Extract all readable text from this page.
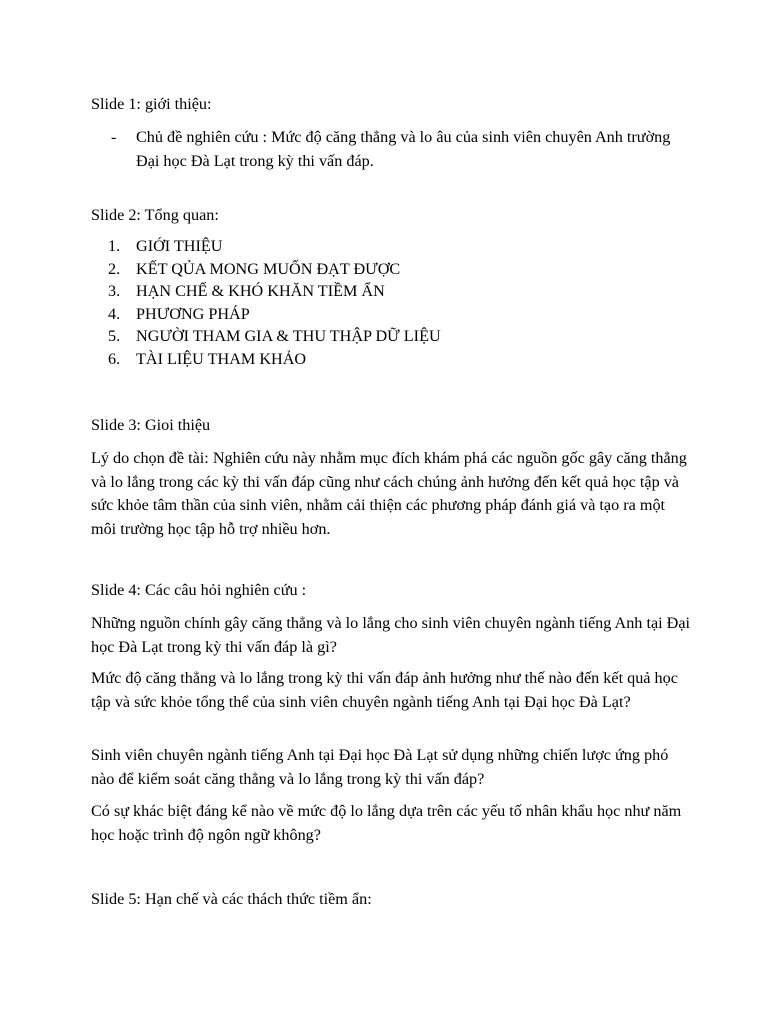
Slide 1: giới thiệu:
-	Chủ đề nghiên cứu : Mức độ căng thẳng và lo âu của sinh viên chuyên Anh trường Đại học Đà Lạt trong kỳ thi vấn đáp.
Slide 2: Tổng quan:
1. GIỚI THIỆU
2. KẾT QỦA MONG MUỐN ĐẠT ĐƯỢC
3. HẠN CHẾ & KHÓ KHĂN TIỀM ẨN
4. PHƯƠNG PHÁP
5. NGƯỜI THAM GIA & THU THẬP DỮ LIỆU
6. TÀI LIỆU THAM KHẢO
Slide 3: Gioi thiệu

Lý do chọn đề tài: Nghiên cứu này nhằm mục đích khám phá các nguồn gốc gây căng thẳng và lo lắng trong các kỳ thi vấn đáp cũng như cách chúng ảnh hưởng đến kết quả học tập và sức khỏe tâm thần của sinh viên, nhằm cải thiện các phương pháp đánh giá và tạo ra một môi trường học tập hỗ trợ nhiều hơn.

Slide 4: Các câu hỏi nghiên cứu :

Những nguồn chính gây căng thẳng và lo lắng cho sinh viên chuyên ngành tiếng Anh tại Đại học Đà Lạt trong kỳ thi vấn đáp là gì?

Mức độ căng thẳng và lo lắng trong kỳ thi vấn đáp ảnh hưởng như thế nào đến kết quả học tập và sức khỏe tổng thể của sinh viên chuyên ngành tiếng Anh tại Đại học Đà Lạt?

Sinh viên chuyên ngành tiếng Anh tại Đại học Đà Lạt sử dụng những chiến lược ứng phó nào để kiểm soát căng thẳng và lo lắng trong kỳ thi vấn đáp?

Có sự khác biệt đáng kể nào về mức độ lo lắng dựa trên các yếu tố nhân khẩu học như năm học hoặc trình độ ngôn ngữ không?

Slide 5: Hạn chế và các thách thức tiềm ẩn:
